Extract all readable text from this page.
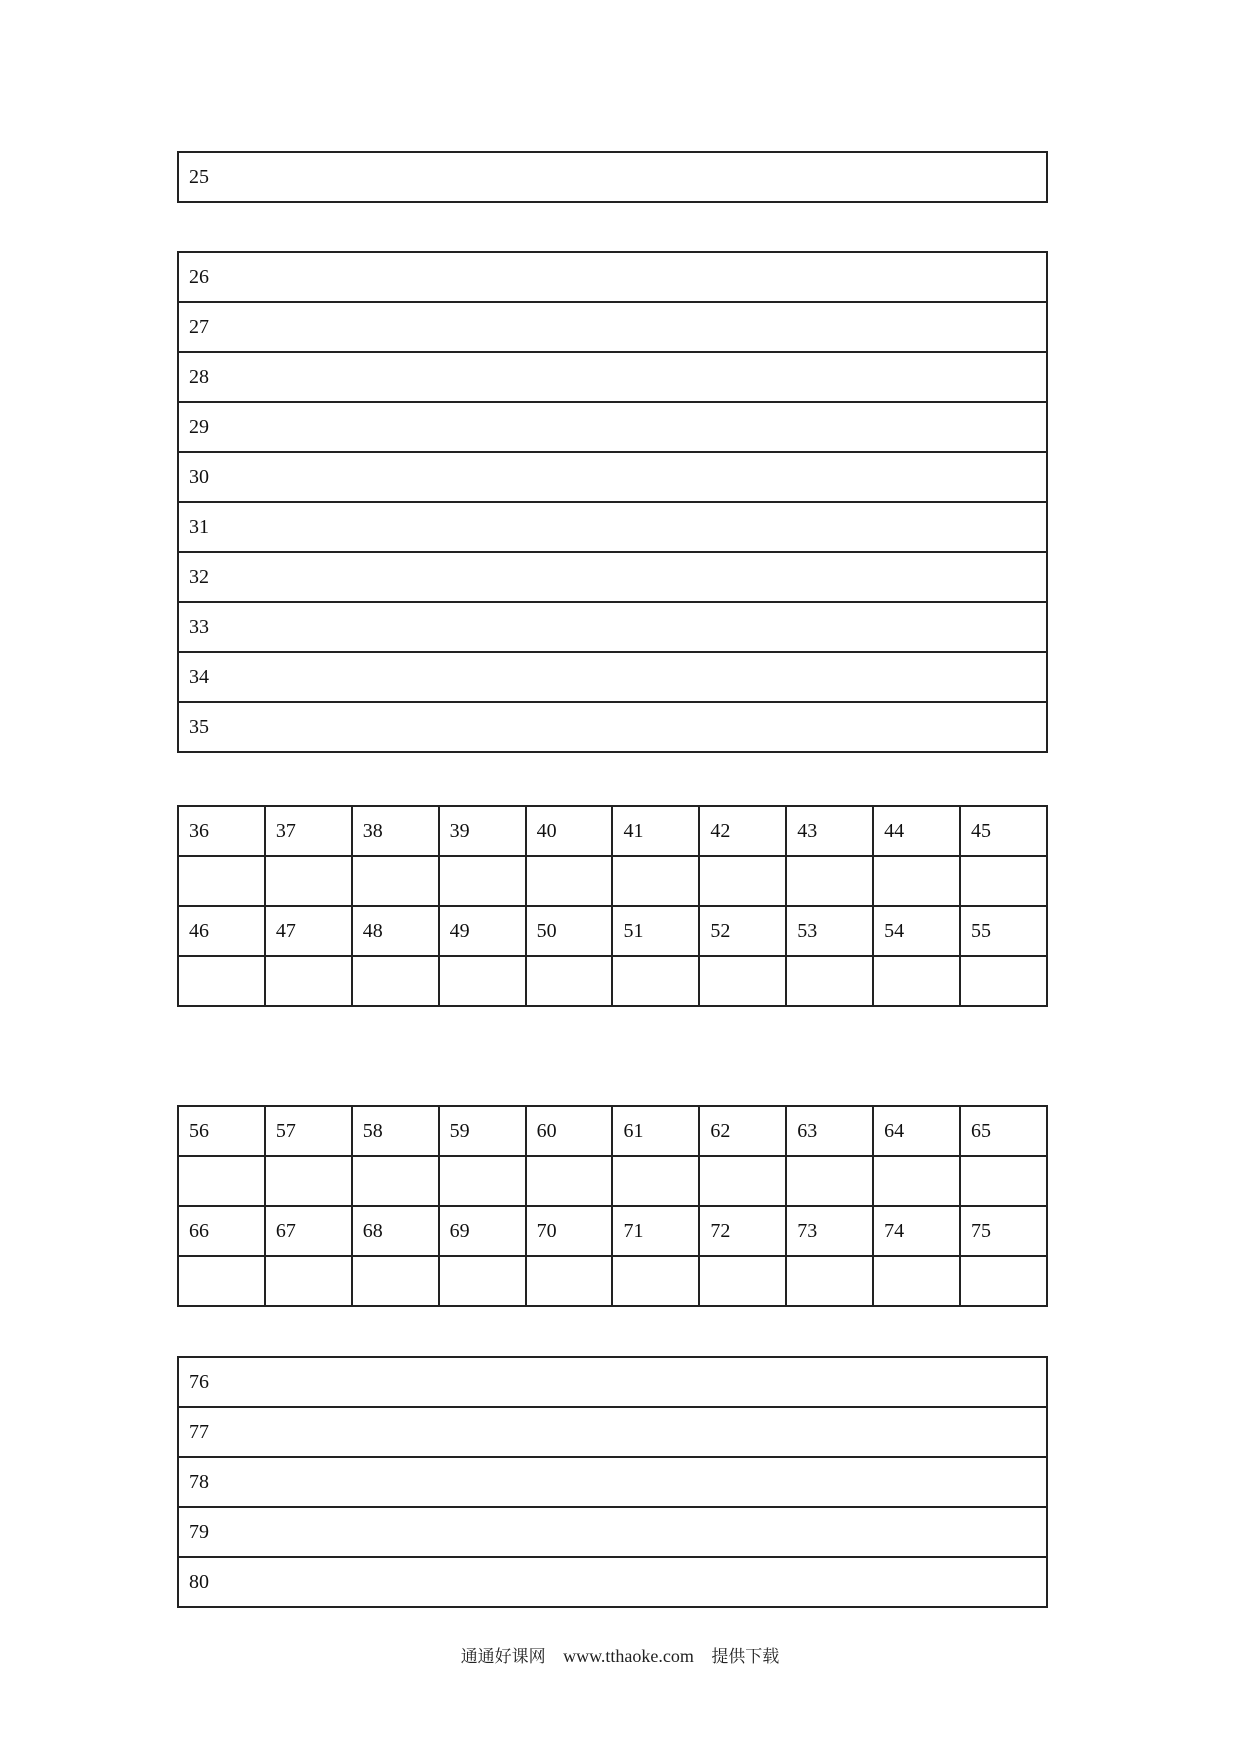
25
26
27
28
29
30
31
32
33
34
35
36	37	38	39	40	41	42	43	44	45

46	47	48	49	50	51	52	53	54	55

56	57	58	59	60	61	62	63	64	65

66	67	68	69	70	71	72	73	74	75

76
77
78
79
80
通通好课网 www.tthaoke.com 提供下载
